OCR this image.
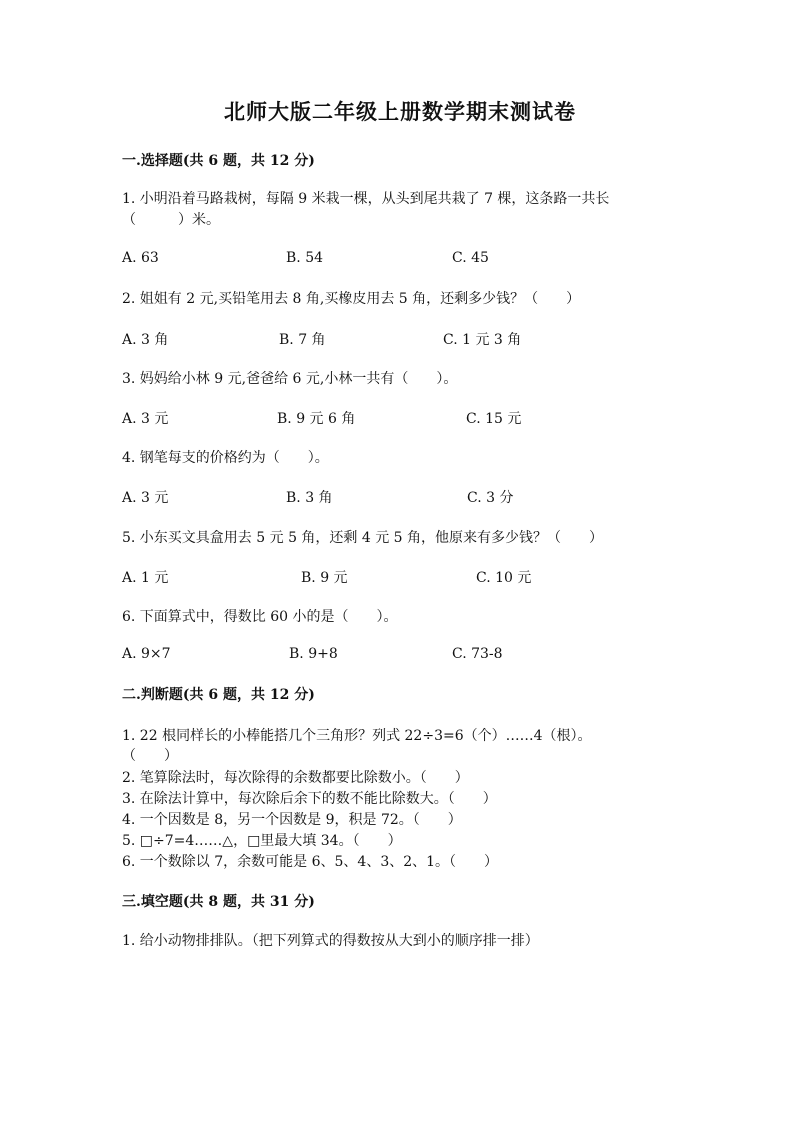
北师大版二年级上册数学期末测试卷
一.选择题(共 6 题，共 12 分)
1. 小明沿着马路栽树，每隔 9 米栽一棵，从头到尾共栽了 7 棵，这条路一共长
（　　　）米。
A. 63	B. 54	C. 45
2. 姐姐有 2 元,买铅笔用去 8 角,买橡皮用去 5 角，还剩多少钱？（　　）
A. 3 角	B. 7 角	C. 1 元 3 角
3. 妈妈给小林 9 元,爸爸给 6 元,小林一共有（　　）。
A. 3 元	B. 9 元 6 角	C. 15 元
4. 钢笔每支的价格约为（　　）。
A. 3 元	B. 3 角	C. 3 分
5. 小东买文具盒用去 5 元 5 角，还剩 4 元 5 角，他原来有多少钱？（　　）
A. 1 元	B. 9 元	C. 10 元
6. 下面算式中，得数比 60 小的是（　　）。
A. 9×7	B. 9+8	C. 73-8
二.判断题(共 6 题，共 12 分)
1. 22 根同样长的小棒能搭几个三角形？列式 22÷3=6（个）……4（根）。
（　　）
2. 笔算除法时，每次除得的余数都要比除数小。（　　）
3. 在除法计算中，每次除后余下的数不能比除数大。（　　）
4. 一个因数是 8，另一个因数是 9，积是 72。（　　）
5. □÷7=4……△，□里最大填 34。（　　）
6. 一个数除以 7，余数可能是 6、5、4、3、2、1。（　　）
三.填空题(共 8 题，共 31 分)
1. 给小动物排排队。（把下列算式的得数按从大到小的顺序排一排）
